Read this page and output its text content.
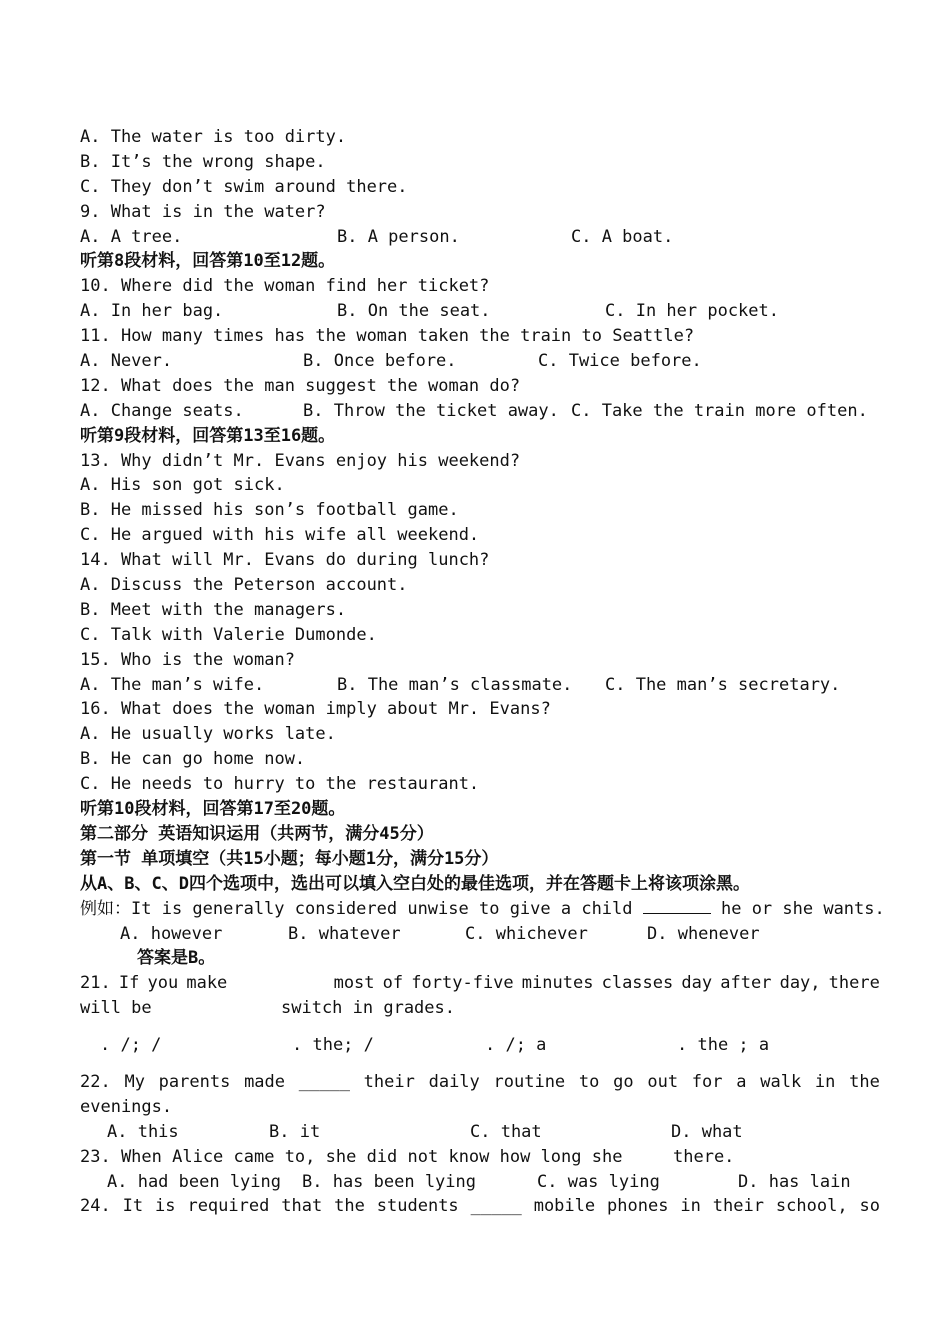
A. The water is too dirty.
B. It’s the wrong shape.
C. They don’t swim around there.
9. What is in the water?

A. A tree.

	B. A person.

	C. A boat.

听第8段材料，回答第10至12题。
10. Where did the woman find her ticket?

A. In her bag.

	B. On the seat.

	C. In her pocket.

11. How many times has the woman taken the train to Seattle?

A. Never.

	B. Once before.

	C. Twice before.

12. What does the man suggest the woman do?

A. Change seats.

	B. Throw the ticket away.

C. Take the train more often.

听第9段材料，回答第13至16题。
13. Why didn’t Mr. Evans enjoy his weekend?
A. His son got sick.
B. He missed his son’s football game.
C. He argued with his wife all weekend.
14. What will Mr. Evans do during lunch?
A. Discuss the Peterson account.
B. Meet with the managers.
C. Talk with Valerie Dumonde.
15. Who is the woman?

A. The man’s wife.

	B. The man’s classmate.

C. The man’s secretary.

16. What does the woman imply about Mr. Evans?
A. He usually works late.
B. He can go home now.
C. He needs to hurry to the restaurant.
听第10段材料，回答第17至20题。
第二部分 英语知识运用（共两节，满分45分）
第一节 单项填空（共15小题；每小题1分，满分15分）
从A、B、C、D四个选项中，选出可以填入空白处的最佳选项，并在答题卡上将该项涂黑。
例如：It is generally considered unwise to give a child	he or she wants.

A. however

	B. whatever

	C. whichever

	D. whenever

答案是B。
21. If you make	most of forty-five minutes classes day after day, there

will be

	switch in grades.

. /; /

	. the; /

	. /; a

	. the ; a

22. My parents made _____ their daily routine to go out for a walk in the
evenings.

A. this

	B. it

	C. that

	D. what

23. When Alice came to, she did not know how long she	there.

A. had been lying

B. has been lying

	C. was lying

	D. has lain

24. It is required that the students _____ mobile phones in their school, so
